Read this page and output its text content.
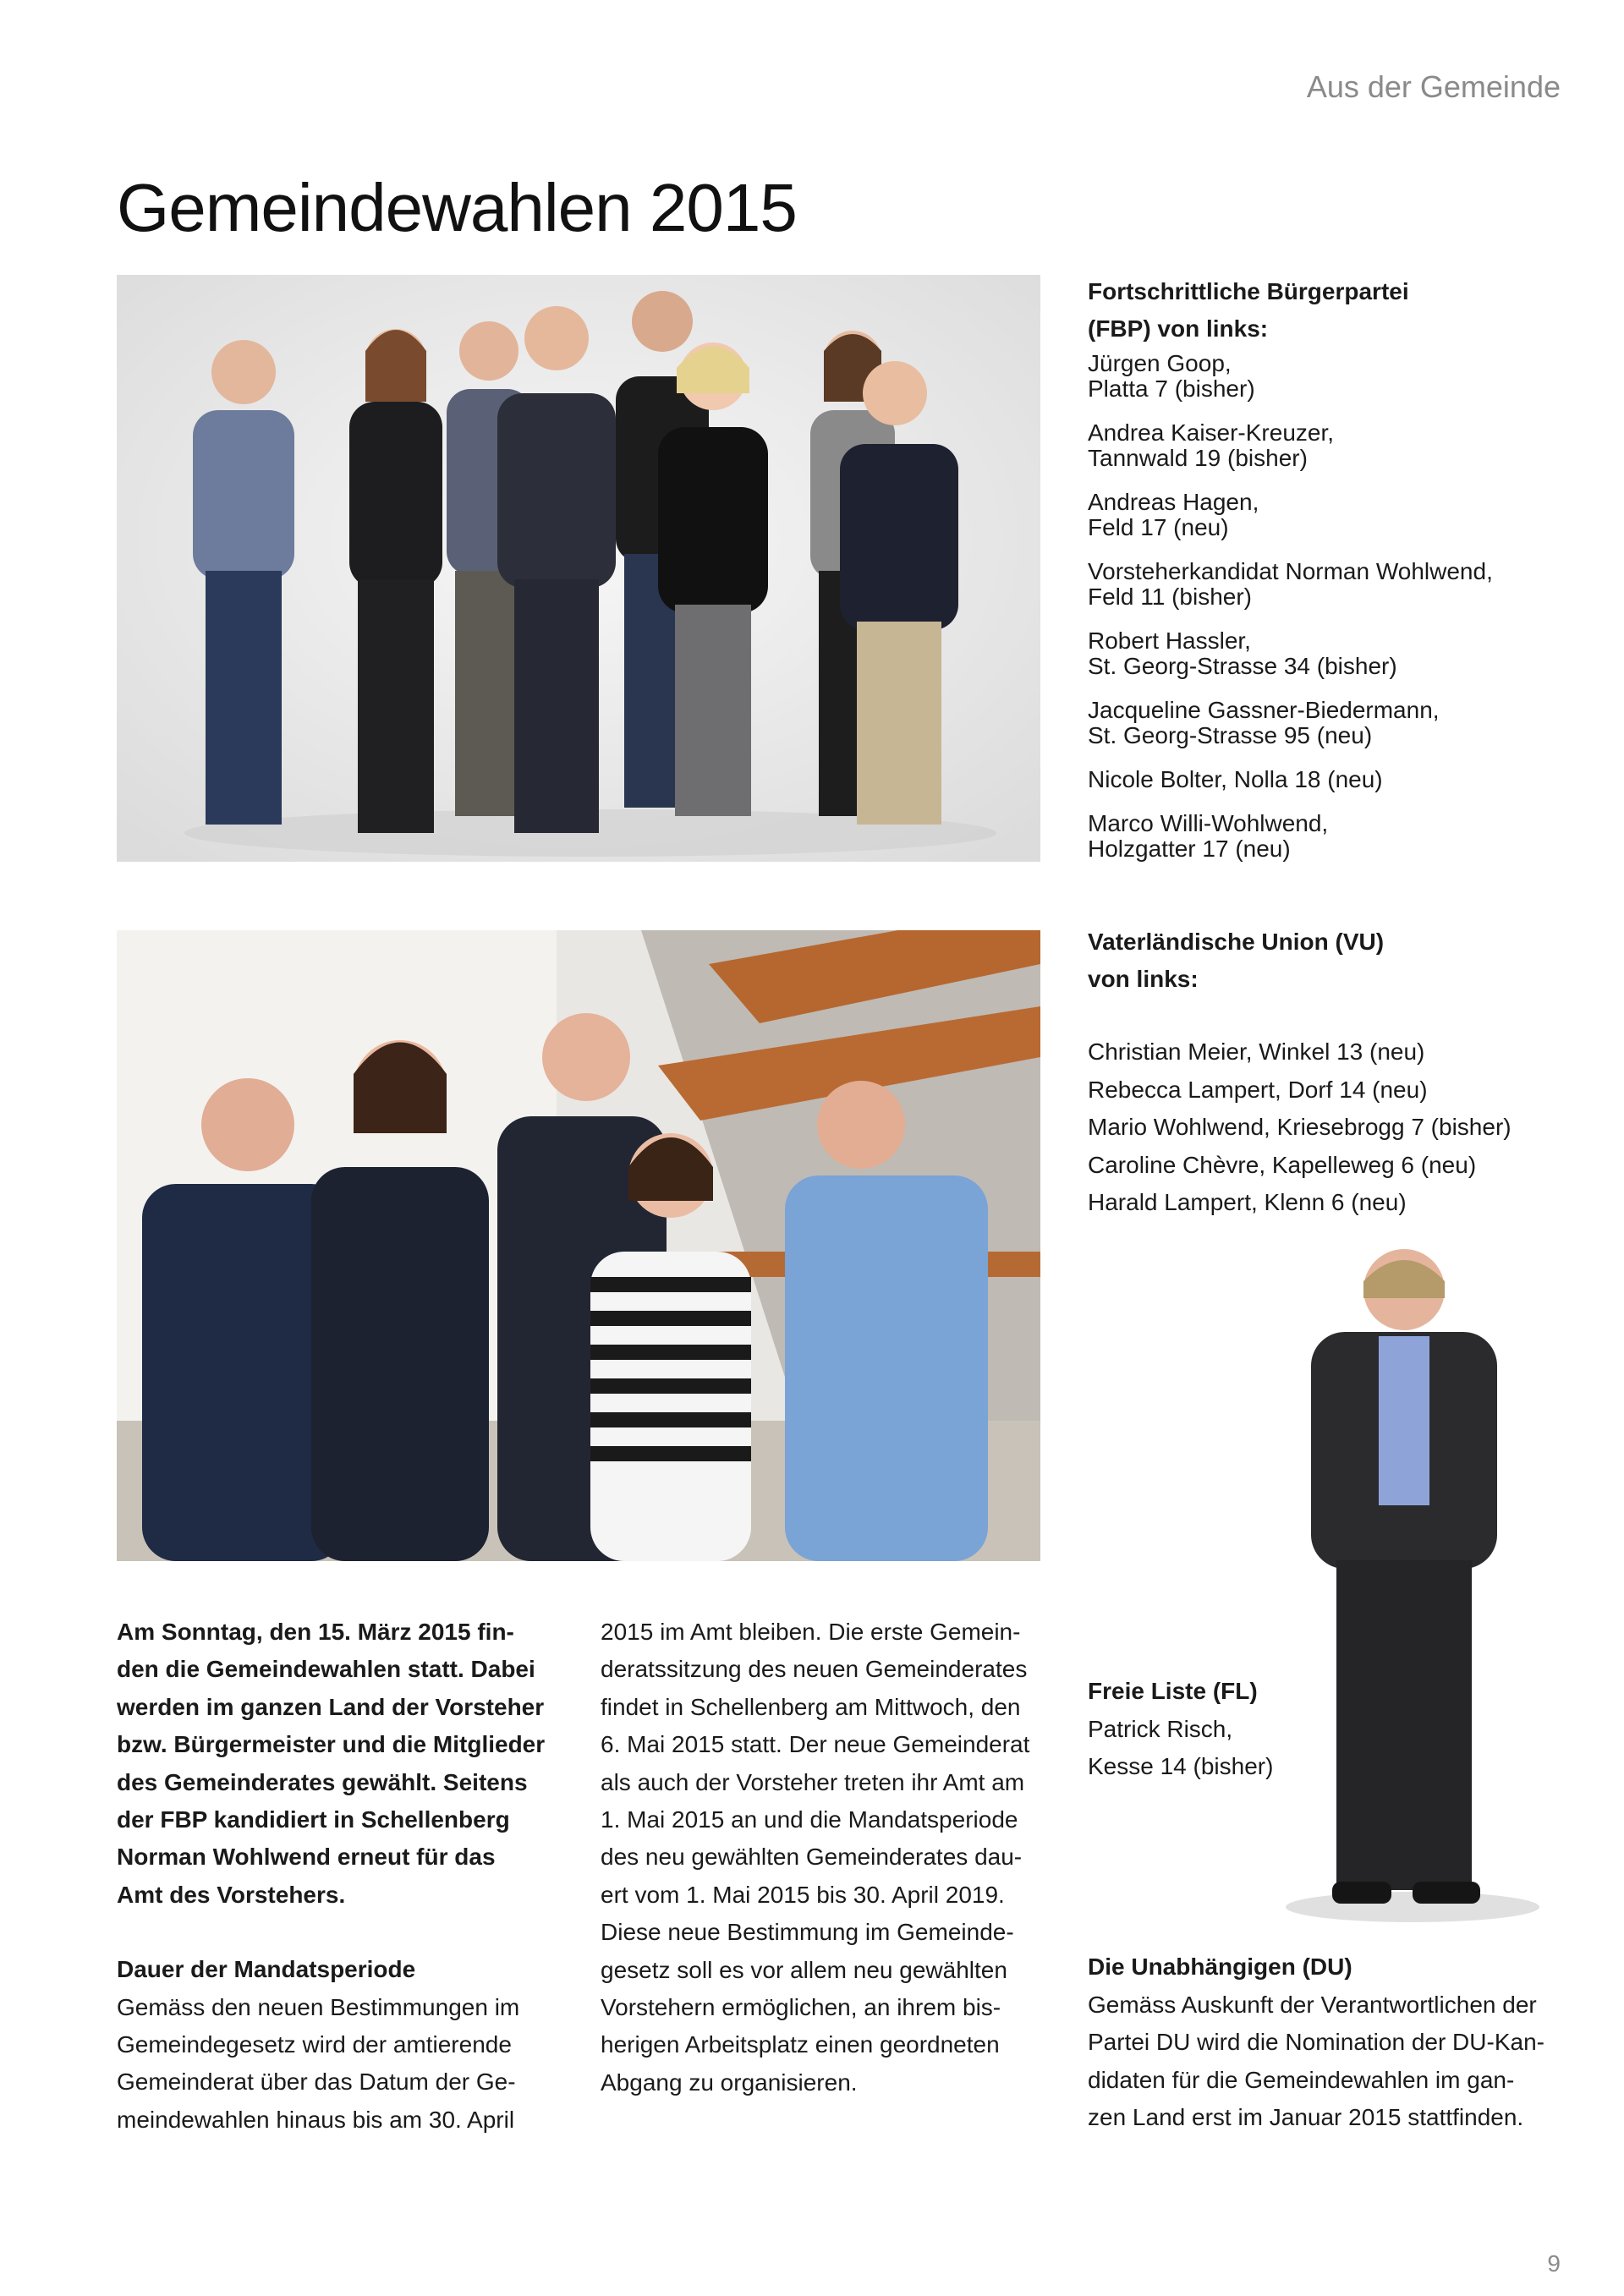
Aus der Gemeinde
Gemeindewahlen 2015
Fortschrittliche Bürgerpartei
(FBP) von links:
Jürgen Goop,
Platta 7 (bisher)
Andrea Kaiser-Kreuzer,
Tannwald 19 (bisher)
Andreas Hagen,
Feld 17 (neu)
Vorsteherkandidat Norman Wohlwend,
Feld 11 (bisher)
Robert Hassler,
St. Georg-Strasse 34 (bisher)
Jacqueline Gassner-Biedermann,
St. Georg-Strasse 95 (neu)
Nicole Bolter, Nolla 18 (neu)
Marco Willi-Wohlwend,
Holzgatter 17 (neu)
Vaterländische Union (VU)
von links:
Christian Meier, Winkel 13 (neu)
Rebecca Lampert, Dorf 14 (neu)
Mario Wohlwend, Kriesebrogg 7 (bisher)
Caroline Chèvre, Kapelleweg 6 (neu)
Harald Lampert, Klenn 6 (neu)
Freie Liste (FL)
Patrick Risch,
Kesse 14 (bisher)
Die Unabhängigen (DU)
Gemäss Auskunft der Verantwortlichen der
Partei DU wird die Nomination der DU-Kan-
didaten für die Gemeindewahlen im gan-
zen Land erst im Januar 2015 stattfinden.

Am Sonntag, den 15. März 2015 fin-

den die Gemeindewahlen statt. Dabei

werden im ganzen Land der Vorsteher

bzw. Bürgermeister und die Mitglieder

des Gemeinderates gewählt. Seitens

der FBP kandidiert in Schellenberg

Norman Wohlwend erneut für das

Amt des Vorstehers.

Dauer der Mandatsperiode

Gemäss den neuen Bestimmungen im

Gemeindegesetz wird der amtierende

Gemeinderat über das Datum der Ge-

meindewahlen hinaus bis am 30. April

2015 im Amt bleiben. Die erste Gemein-

deratssitzung des neuen Gemeinderates

findet in Schellenberg am Mittwoch, den

6. Mai 2015 statt. Der neue Gemeinderat

als auch der Vorsteher treten ihr Amt am

1. Mai 2015 an und die Mandatsperiode

des neu gewählten Gemeinderates dau-

ert vom 1. Mai 2015 bis 30. April 2019.

Diese neue Bestimmung im Gemeinde-

gesetz soll es vor allem neu gewählten

Vorstehern ermöglichen, an ihrem bis-

herigen Arbeitsplatz einen geordneten

Abgang zu organisieren.

9
